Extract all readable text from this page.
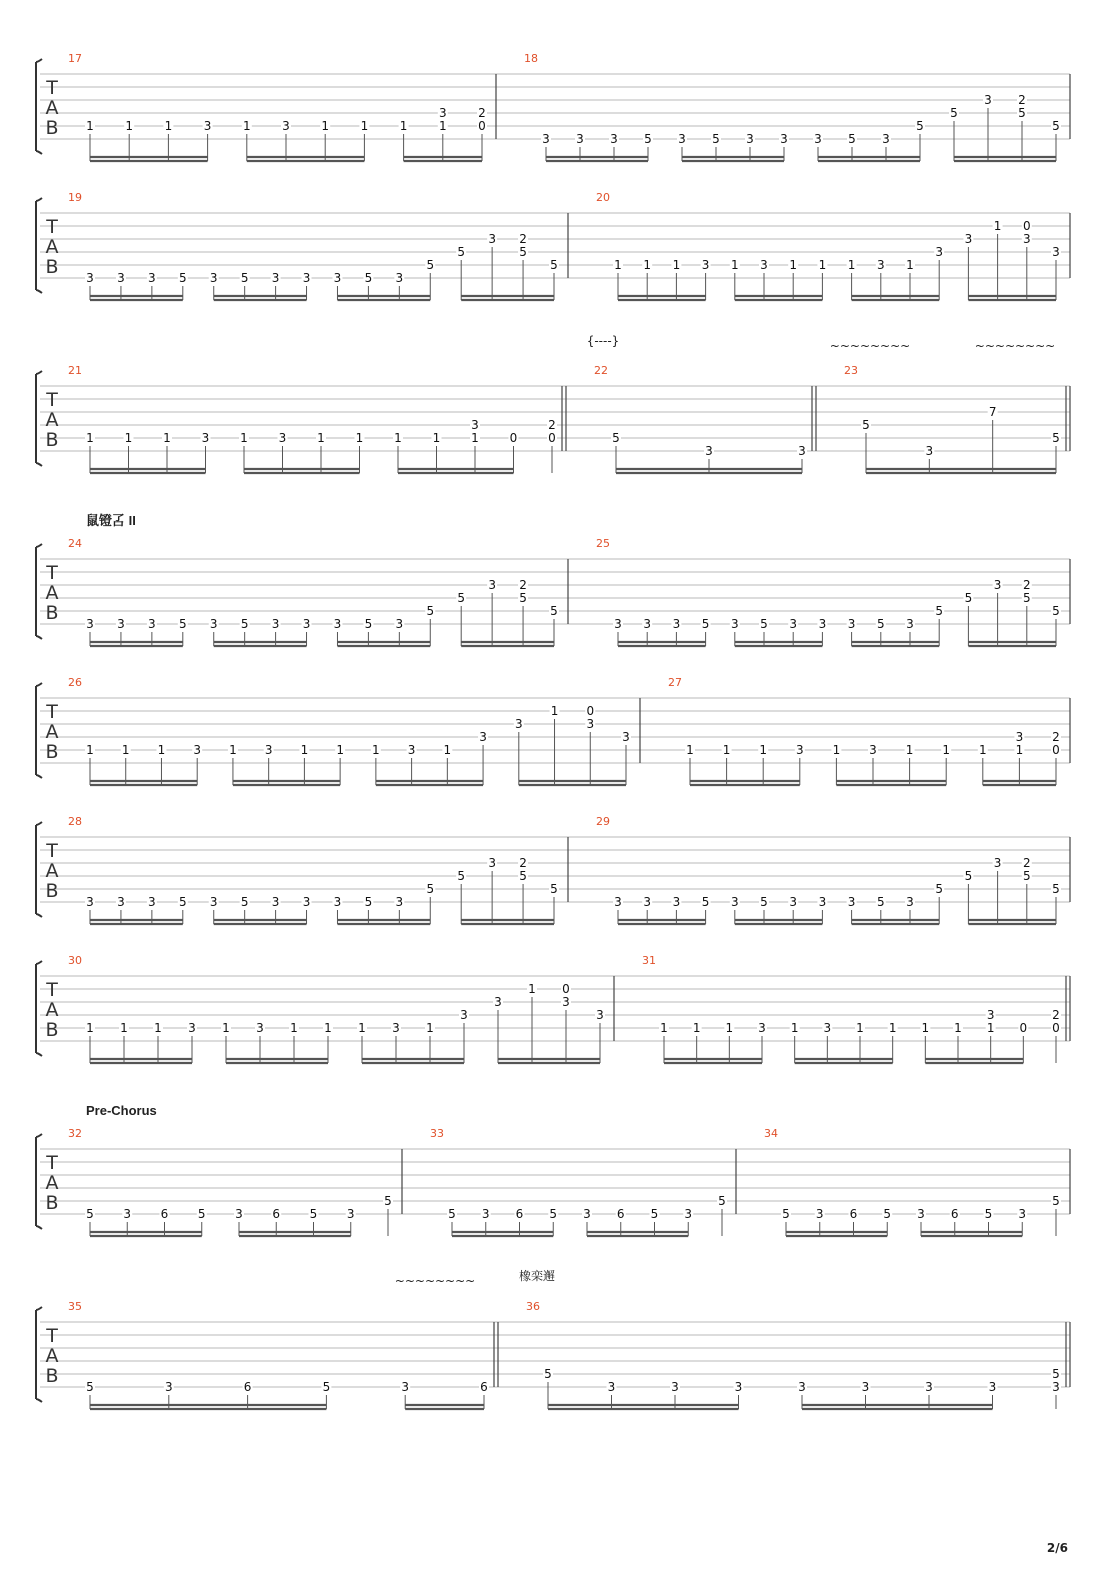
T
A
B
17
1	1	1	3	1	3	1	1	1
3
1
2
0
18
3 3 3 5 3 5 3 3 3 5 3
5
5
3 2
5
5
T
A
B
19
3 3 3 5 3 5 3 3 3 5 3
5
5
3 2
5
5
20
1 1 1 3 1 3 1 1 1 3 1
3
3
1 0
3
3
T
A
B
{----}	~~~~~~~~	~~~~~~~~
21
1	1	1	3	1	3	1	1	1	1
3
1	0
2
0
22
5
3	3
23
5
3
7
5
T
A
B
鼠镫叾 II
24
3 3 3 5 3 5 3 3 3 5 3
5
5
3 2
5
5
25
3 3 3 5 3 5 3 3 3 5 3
5
5
3 2
5
5
T
A
B
26
1 1 1 3 1 3 1 1 1 3 1
3
3
1 0
3
3
27
1 1 1 3 1 3 1 1 1
3
1
2
0
T
A
B
28
3 3 3 5 3 5 3 3 3 5 3
5
5
3 2
5
5
29
3 3 3 5 3 5 3 3 3 5 3
5
5
3 2
5
5
T
A
B
30
1 1 1 3 1 3 1 1 1 3 1
3
3
1 0
3
3
31
1 1 1 3 1 3 1 1 1 1
3
1 0
2
0
T
A
B
Pre-Chorus
32
5 3 6 5 3 6 5 3
5
33
5 3 6 5 3 6 5 3
5
34
5 3 6 5 3 6 5 3
5
T
A
B
~~~~~~~~	橡栾邂
35
5	3	6	5	3	6
36
5
3	3	3	3	3	3	3
5
3
2/6
